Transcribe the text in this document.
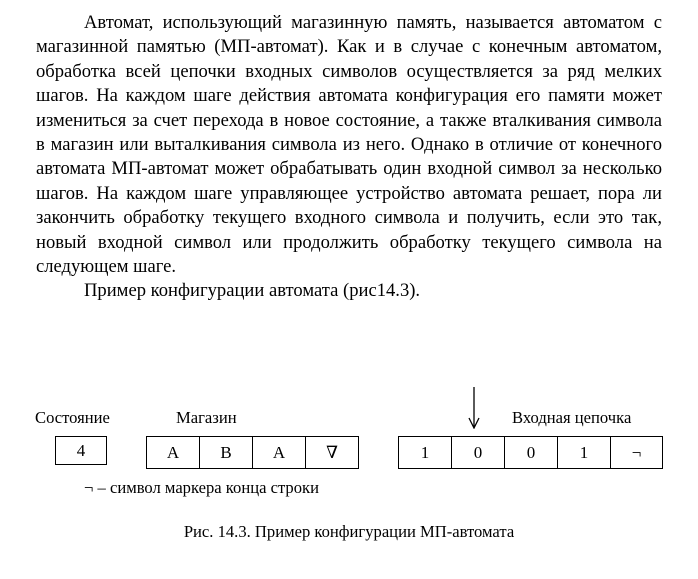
Автомат, использующий магазинную память, называется автоматом с магазинной памятью (МП-автомат). Как и в случае с конечным автоматом, обработка всей цепочки входных символов осуществляется за ряд мелких шагов. На каждом шаге действия автомата конфигурация его памяти может измениться за счет перехода в новое состояние, а также вталкивания символа в магазин или выталкивания символа из него. Однако в отличие от конечного автомата МП-автомат может обрабатывать один входной символ за несколько шагов. На каждом шаге управляющее устройство автомата решает, пора ли закончить обработку текущего входного символа и получить, если это так, новый входной символ или продолжить обработку текущего символа на следующем шаге.

Пример конфигурации автомата (рис14.3).

Состояние	Магазин	Входная цепочка
4	A	B	A	∇	1	0	0	1	¬
¬ – символ маркера конца строки
Рис. 14.3. Пример конфигурации МП-автомата
